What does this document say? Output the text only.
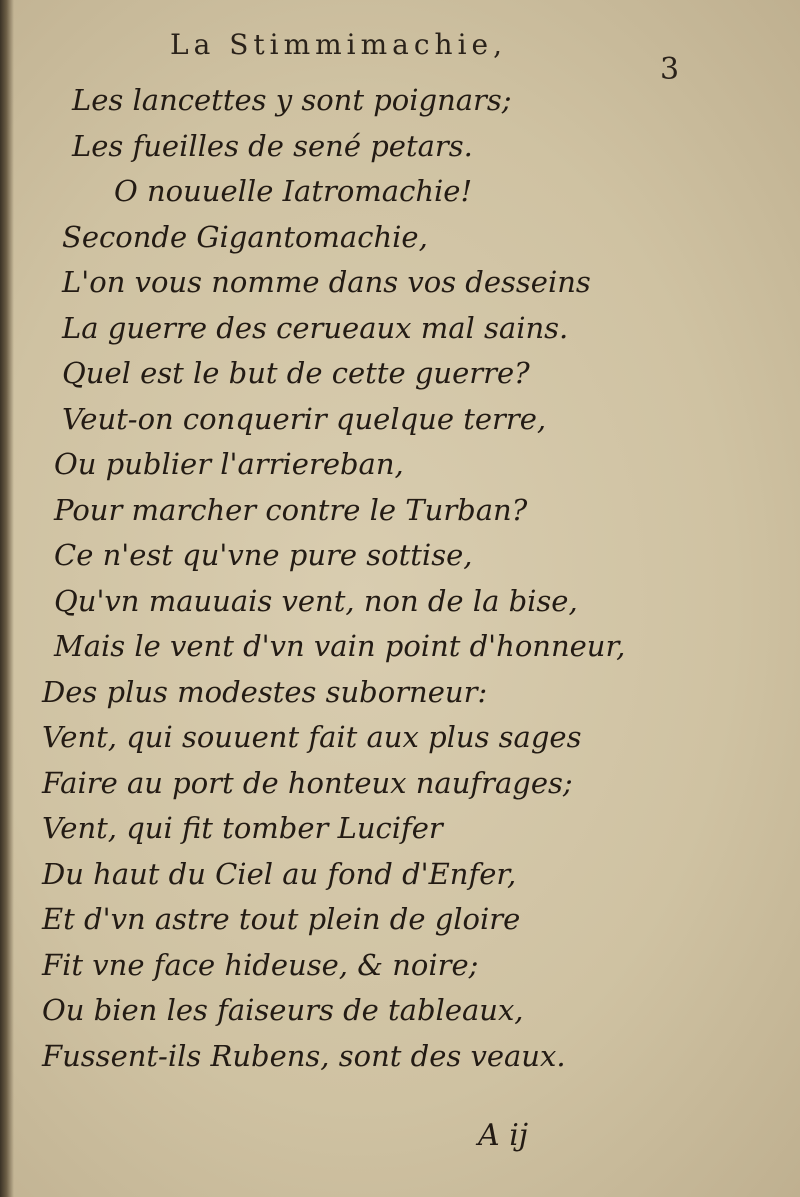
La Stimmimachie,
3
Les lancettes y sont poignars;
Les fueilles de sené petars.
O nouuelle Iatromachie!
Seconde Gigantomachie,
L'on vous nomme dans vos desseins
La guerre des cerueaux mal sains.
Quel est le but de cette guerre?
Veut-on conquerir quelque terre,
Ou publier l'arriereban,
Pour marcher contre le Turban?
Ce n'est qu'vne pure sottise,
Qu'vn mauuais vent, non de la bise,
Mais le vent d'vn vain point d'honneur,
Des plus modestes suborneur:
Vent, qui souuent fait aux plus sages
Faire au port de honteux naufrages;
Vent, qui fit tomber Lucifer
Du haut du Ciel au fond d'Enfer,
Et d'vn astre tout plein de gloire
Fit vne face hideuse, & noire;
Ou bien les faiseurs de tableaux,
Fussent-ils Rubens, sont des veaux.
A ij
